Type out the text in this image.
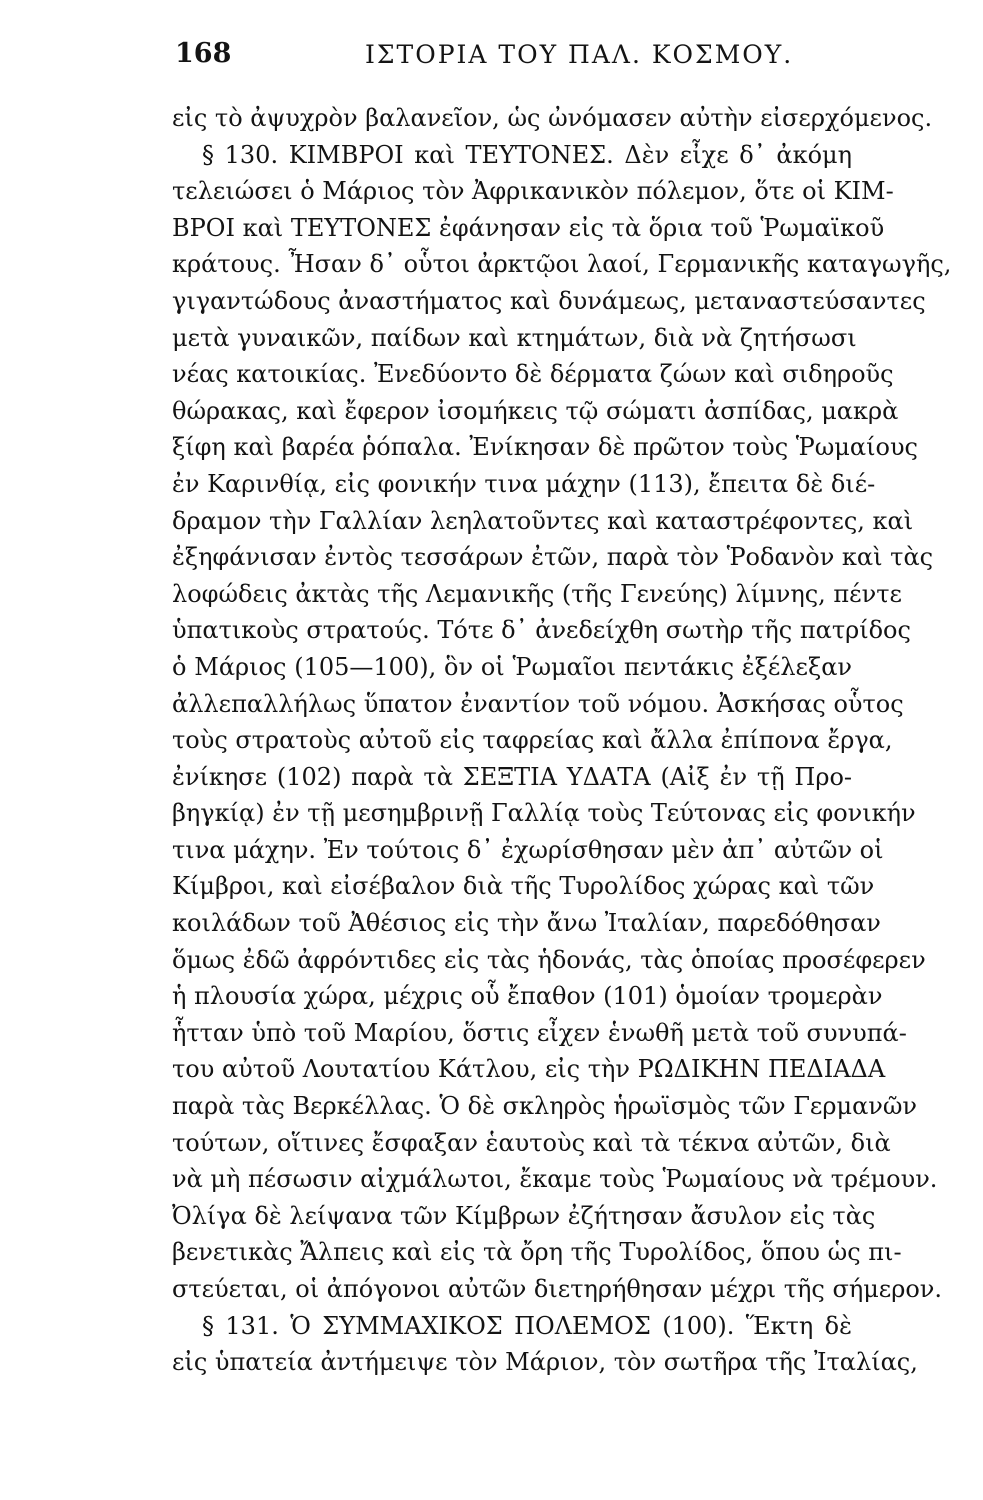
168	ΙΣΤΟΡΙΑ ΤΟΥ ΠΑΛ. ΚΟΣΜΟΥ.
εἰς τὸ ἀψυχρὸν βαλανεῖον, ὡς ὠνόμασεν αὐτὴν εἰσερχόμενος.
§ 130. ΚΙΜΒΡΟΙ καὶ ΤΕΥΤΟΝΕΣ. Δὲν εἶχε δ᾽ ἀκόμη
τελειώσει ὁ Μάριος τὸν Ἀφρικανικὸν πόλεμον, ὅτε οἱ ΚΙΜ-
ΒΡΟΙ καὶ ΤΕΥΤΟΝΕΣ ἐφάνησαν εἰς τὰ ὅρια τοῦ Ῥωμαϊκοῦ
κράτους. Ἦσαν δ᾽ οὗτοι ἀρκτῷοι λαοί, Γερμανικῆς καταγωγῆς,
γιγαντώδους ἀναστήματος καὶ δυνάμεως, μεταναστεύσαντες
μετὰ γυναικῶν, παίδων καὶ κτημάτων, διὰ νὰ ζητήσωσι
νέας κατοικίας. Ἐνεδύοντο δὲ δέρματα ζώων καὶ σιδηροῦς
θώρακας, καὶ ἔφερον ἰσομήκεις τῷ σώματι ἀσπίδας, μακρὰ
ξίφη καὶ βαρέα ῥόπαλα. Ἐνίκησαν δὲ πρῶτον τοὺς Ῥωμαίους
ἐν Καρινθίᾳ, εἰς φονικήν τινα μάχην (113), ἔπειτα δὲ διέ-
δραμον τὴν Γαλλίαν λεηλατοῦντες καὶ καταστρέφοντες, καὶ
ἐξηφάνισαν ἐντὸς τεσσάρων ἐτῶν, παρὰ τὸν Ῥοδανὸν καὶ τὰς
λοφώδεις ἀκτὰς τῆς Λεμανικῆς (τῆς Γενεύης) λίμνης, πέντε
ὑπατικοὺς στρατούς. Τότε δ᾽ ἀνεδείχθη σωτὴρ τῆς πατρίδος
ὁ Μάριος (105—100), ὃν οἱ Ῥωμαῖοι πεντάκις ἐξέλεξαν
ἀλλεπαλλήλως ὕπατον ἐναντίον τοῦ νόμου. Ἀσκήσας οὗτος
τοὺς στρατοὺς αὐτοῦ εἰς ταφρείας καὶ ἄλλα ἐπίπονα ἔργα,
ἐνίκησε (102) παρὰ τὰ ΣΕΞΤΙΑ ΥΔΑΤΑ (Αἰξ ἐν τῇ Προ-
βηγκίᾳ) ἐν τῇ μεσημβρινῇ Γαλλίᾳ τοὺς Τεύτονας εἰς φονικήν
τινα μάχην. Ἐν τούτοις δ᾽ ἐχωρίσθησαν μὲν ἀπ᾽ αὐτῶν οἱ
Κίμβροι, καὶ εἰσέβαλον διὰ τῆς Τυρολίδος χώρας καὶ τῶν
κοιλάδων τοῦ Ἀθέσιος εἰς τὴν ἄνω Ἰταλίαν, παρεδόθησαν
ὅμως ἐδῶ ἀφρόντιδες εἰς τὰς ἡδονάς, τὰς ὁποίας προσέφερεν
ἡ πλουσία χώρα, μέχρις οὗ ἔπαθον (101) ὁμοίαν τρομερὰν
ἧτταν ὑπὸ τοῦ Μαρίου, ὅστις εἶχεν ἑνωθῆ μετὰ τοῦ συνυπά-
του αὐτοῦ Λουτατίου Κάτλου, εἰς τὴν ΡΩΔΙΚΗΝ ΠΕΔΙΑΔΑ
παρὰ τὰς Βερκέλλας. Ὁ δὲ σκληρὸς ἡρωϊσμὸς τῶν Γερμανῶν
τούτων, οἵτινες ἔσφαξαν ἑαυτοὺς καὶ τὰ τέκνα αὐτῶν, διὰ
νὰ μὴ πέσωσιν αἰχμάλωτοι, ἔκαμε τοὺς Ῥωμαίους νὰ τρέμουν.
Ὀλίγα δὲ λείψανα τῶν Κίμβρων ἐζήτησαν ἄσυλον εἰς τὰς
βενετικὰς Ἄλπεις καὶ εἰς τὰ ὄρη τῆς Τυρολίδος, ὅπου ὡς πι-
στεύεται, οἱ ἀπόγονοι αὐτῶν διετηρήθησαν μέχρι τῆς σήμερον.
§ 131. Ὁ ΣΥΜΜΑΧΙΚΟΣ ΠΟΛΕΜΟΣ (100). Ἕκτη δὲ
εἰς ὑπατεία ἀντήμειψε τὸν Μάριον, τὸν σωτῆρα τῆς Ἰταλίας,
